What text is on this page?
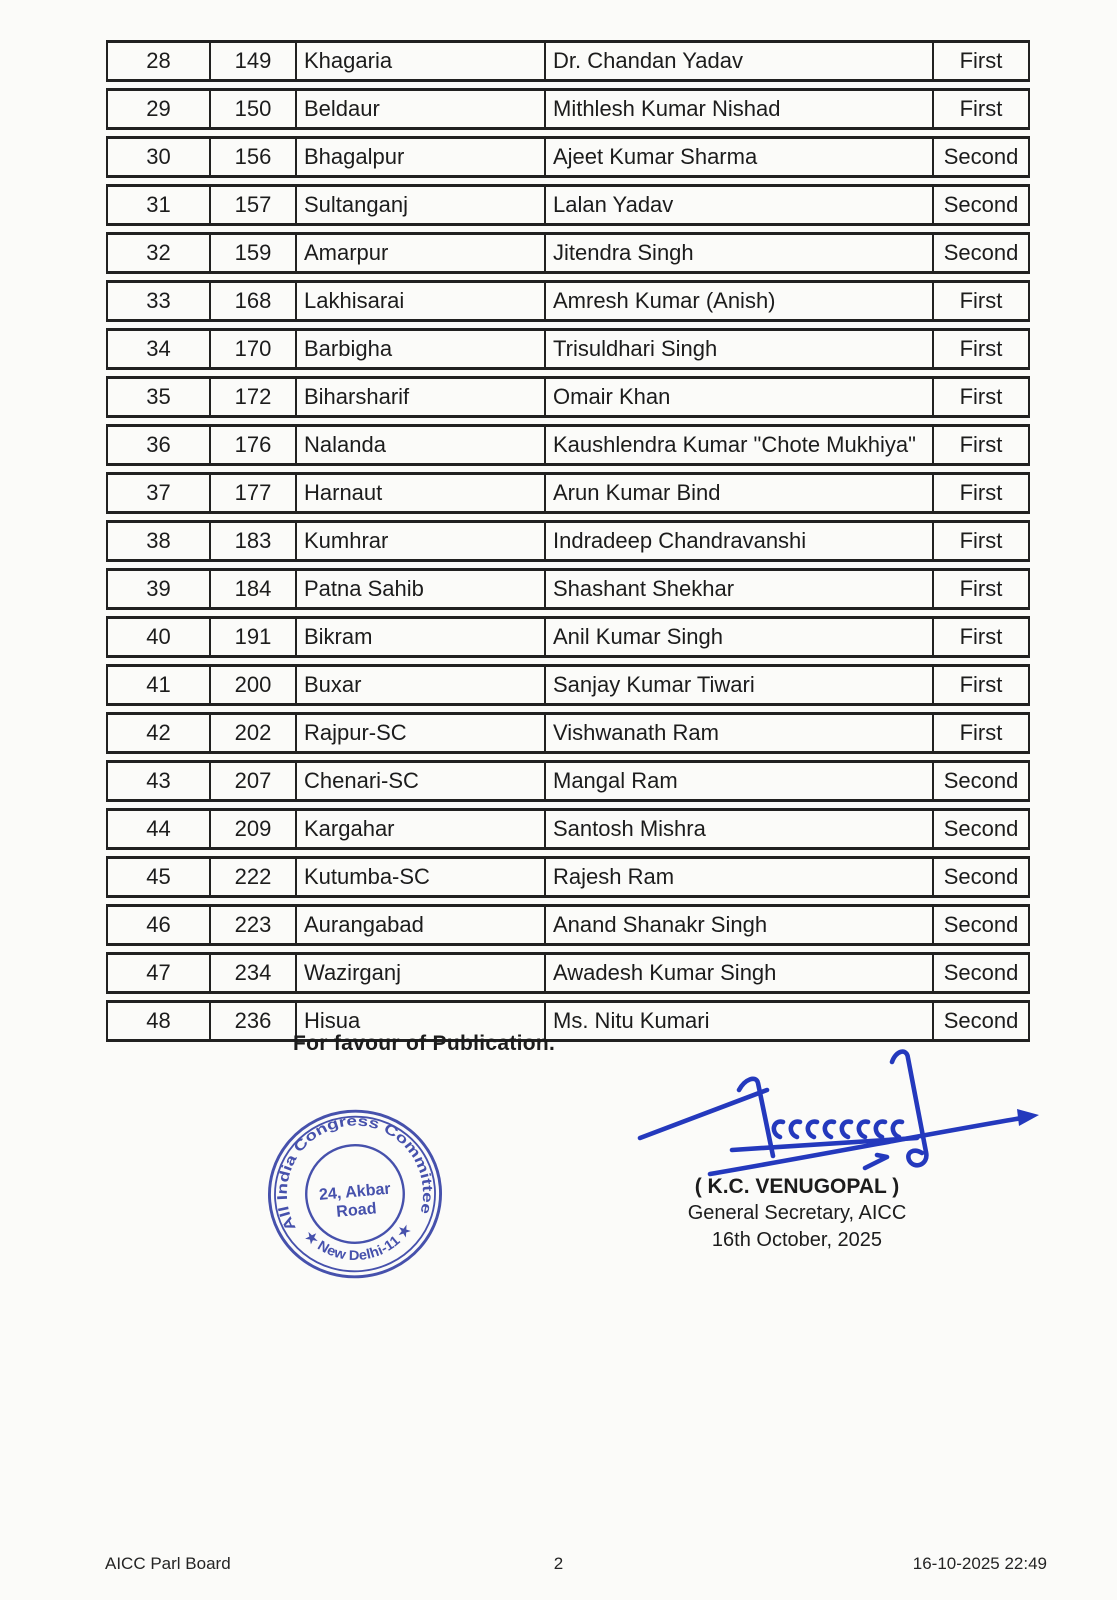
28	149	Khagaria	Dr. Chandan Yadav	First
29	150	Beldaur	Mithlesh Kumar Nishad	First
30	156	Bhagalpur	Ajeet Kumar Sharma	Second
31	157	Sultanganj	Lalan Yadav	Second
32	159	Amarpur	Jitendra Singh	Second
33	168	Lakhisarai	Amresh Kumar (Anish)	First
34	170	Barbigha	Trisuldhari Singh	First
35	172	Biharsharif	Omair Khan	First
36	176	Nalanda	Kaushlendra Kumar "Chote Mukhiya"	First
37	177	Harnaut	Arun Kumar Bind	First
38	183	Kumhrar	Indradeep Chandravanshi	First
39	184	Patna Sahib	Shashant Shekhar	First
40	191	Bikram	Anil Kumar Singh	First
41	200	Buxar	Sanjay Kumar Tiwari	First
42	202	Rajpur-SC	Vishwanath Ram	First
43	207	Chenari-SC	Mangal Ram	Second
44	209	Kargahar	Santosh Mishra	Second
45	222	Kutumba-SC	Rajesh Ram	Second
46	223	Aurangabad	Anand Shanakr Singh	Second
47	234	Wazirganj	Awadesh Kumar Singh	Second
48	236	Hisua	Ms. Nitu Kumari	Second
For favour of Publication.
All India Congress Committee
★ New Delhi-11 ★
24, Akbar
Road
( K.C. VENUGOPAL )
General Secretary, AICC
16th October, 2025
AICC Parl Board	2	16-10-2025 22:49
